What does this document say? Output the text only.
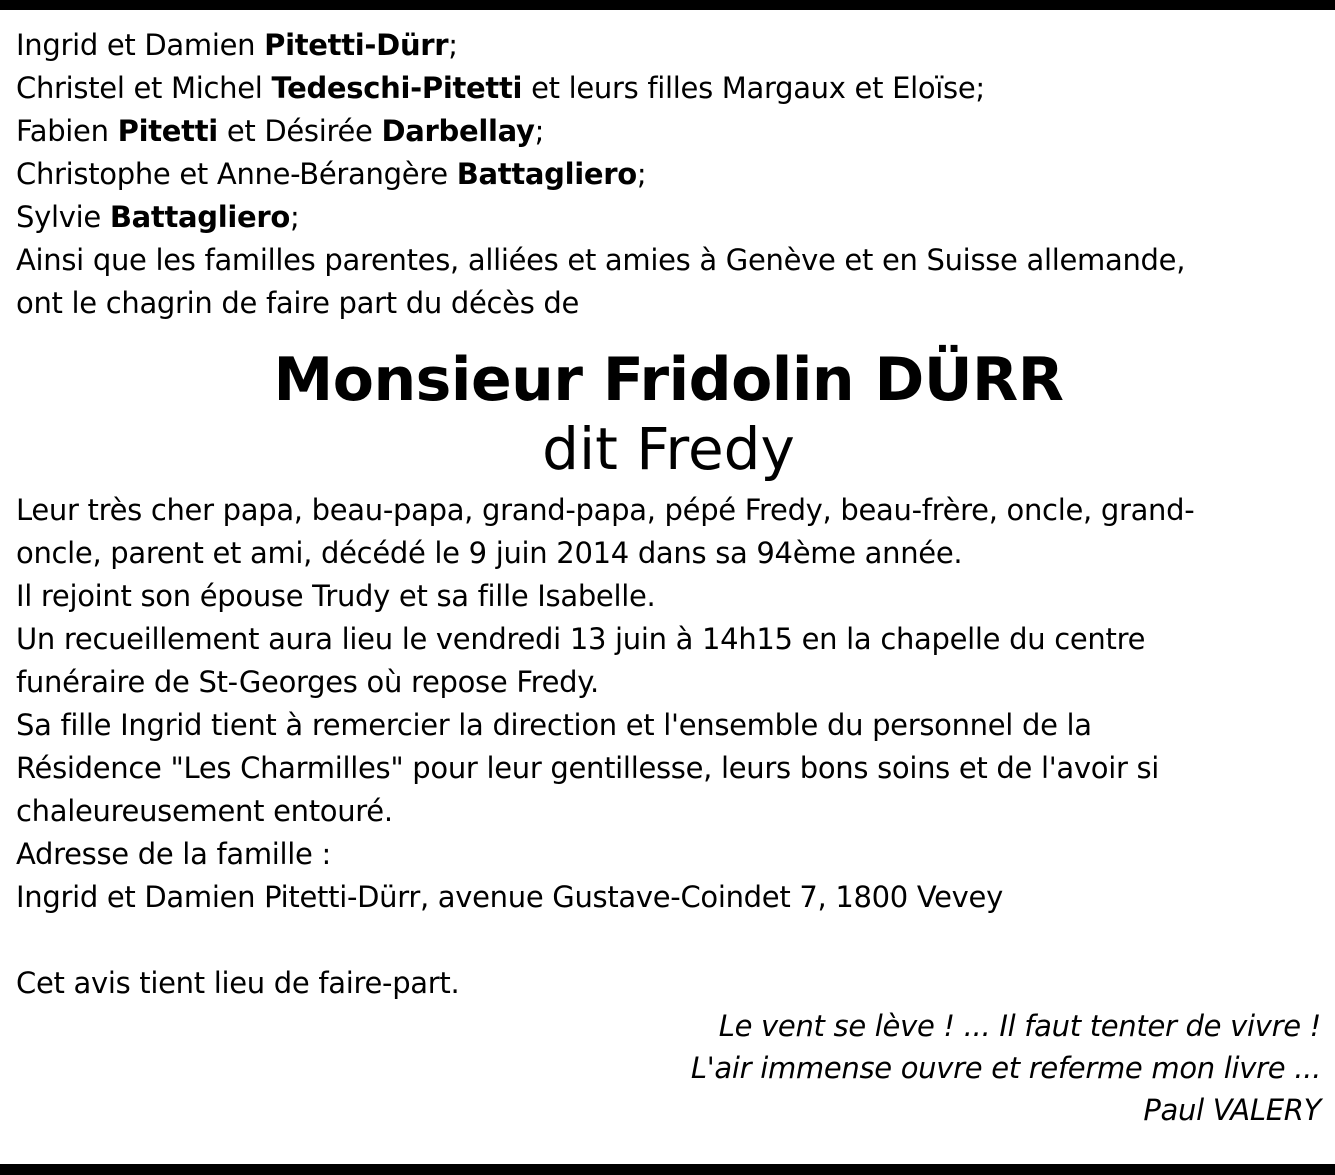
Ingrid et Damien Pitetti-Dürr;
Christel et Michel Tedeschi-Pitetti et leurs filles Margaux et Eloïse;
Fabien Pitetti et Désirée Darbellay;
Christophe et Anne-Bérangère Battagliero;
Sylvie Battagliero;
Ainsi que les familles parentes, alliées et amies à Genève et en Suisse allemande,
ont le chagrin de faire part du décès de
Monsieur Fridolin DÜRR
dit Fredy
Leur très cher papa, beau-papa, grand-papa, pépé Fredy, beau-frère, oncle, grand-
oncle, parent et ami, décédé le 9 juin 2014 dans sa 94ème année.
Il rejoint son épouse Trudy et sa fille Isabelle.
Un recueillement aura lieu le vendredi 13 juin à 14h15 en la chapelle du centre
funéraire de St-Georges où repose Fredy.
Sa fille Ingrid tient à remercier la direction et l'ensemble du personnel de la
Résidence "Les Charmilles" pour leur gentillesse, leurs bons soins et de l'avoir si
chaleureusement entouré.
Adresse de la famille :
Ingrid et Damien Pitetti-Dürr, avenue Gustave-Coindet 7, 1800 Vevey
Cet avis tient lieu de faire-part.
Le vent se lève ! ... Il faut tenter de vivre !
L'air immense ouvre et referme mon livre ...
Paul VALERY
